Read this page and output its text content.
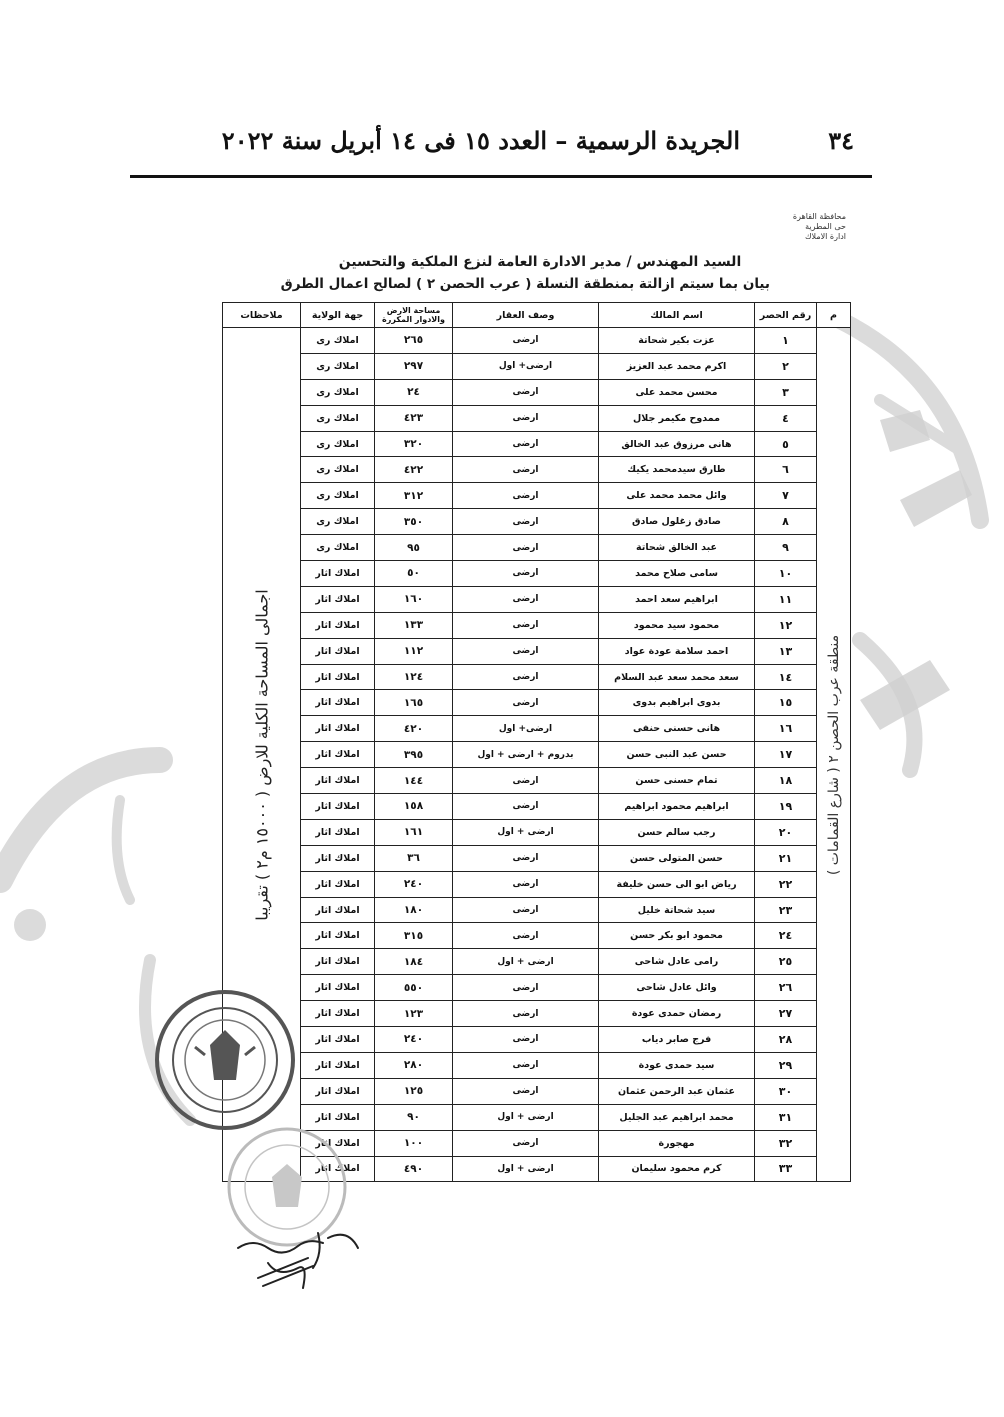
٣٤
الجريدة الرسمية – العدد ١٥ فى ١٤ أبريل سنة ٢٠٢٢
محافظة القاهرة
حى المطرية
ادارة الاملاك
السيد المهندس / مدير الادارة العامة لنزع الملكية والتحسين
بيان بما سيتم ازالتة بمنطقة النسلة ( عرب الحصن ٢ ) لصالح اعمال الطرق
م	رقم الحصر	اسم المالك	وصف العقار	مساحة الارض والادوار المكررة	جهة الولاية	ملاحظات

منطقة عرب الحصن ٢ ( شارع القمامات )	١	عزت بكير شحاتة	ارضى	٢٦٥	املاك رى	اجمالى المساحة الكلية للارض ( ١٥٠٠٠ م٢ ) تقريبا

	٢	اكرم محمد عبد العزيز	ارضى+ اول	٢٩٧	املاك رى	
	٣	محسن محمد على	ارضى	٢٤	املاك رى	
	٤	ممدوح مكيمر جلال	ارضى	٤٢٣	املاك رى	
	٥	هانى مرزوق عبد الخالق	ارضى	٣٢٠	املاك رى	
	٦	طارق سيدمحمد يكيك	ارضى	٤٢٢	املاك رى	
	٧	وائل محمد محمد على	ارضى	٣١٢	املاك رى	
	٨	صادق زغلول صادق	ارضى	٣٥٠	املاك رى	
	٩	عبد الخالق شحاتة	ارضى	٩٥	املاك رى	
	١٠	سامى صلاح محمد	ارضى	٥٠	املاك اثار	
	١١	ابراهيم سعد احمد	ارضى	١٦٠	املاك اثار	
	١٢	محمود سيد محمود	ارضى	١٣٣	املاك اثار	
	١٣	احمد سلامة عودة عواد	ارضى	١١٢	املاك اثار	
	١٤	سعد محمد سعد عبد السلام	ارضى	١٢٤	املاك اثار	
	١٥	بدوى ابراهيم بدوى	ارضى	١٦٥	املاك اثار	
	١٦	هانى حسنى حنفى	ارضى+ اول	٤٢٠	املاك اثار	
	١٧	حسن عبد النبى حسن	بدروم + ارضى + اول	٣٩٥	املاك اثار	
	١٨	تمام حسنى حسن	ارضى	١٤٤	املاك اثار	
	١٩	ابراهيم محمود ابراهيم	ارضى	١٥٨	املاك اثار	
	٢٠	رجب سالم حسن	ارضى + اول	١٦١	املاك اثار	
	٢١	حسن المتولى حسن	ارضى	٣٦	املاك اثار	
	٢٢	رياض ابو الى حسن خليفة	ارضى	٢٤٠	املاك اثار	
	٢٣	سيد شحاتة خليل	ارضى	١٨٠	املاك اثار	
	٢٤	محمود ابو بكر حسن	ارضى	٣١٥	املاك اثار	
	٢٥	رامى عادل شاحى	ارضى + اول	١٨٤	املاك اثار	
	٢٦	وائل عادل شاحى	ارضى	٥٥٠	املاك اثار	
	٢٧	رمضان حمدى عودة	ارضى	١٢٣	املاك اثار	
	٢٨	فرج صابر دياب	ارضى	٢٤٠	املاك اثار	
	٢٩	سيد حمدى عودة	ارضى	٢٨٠	املاك اثار	
	٣٠	عثمان عبد الرحمن عثمان	ارضى	١٢٥	املاك اثار	
	٣١	محمد ابراهيم عبد الجليل	ارضى + اول	٩٠	املاك اثار	
	٣٢	مهجورة	ارضى	١٠٠	املاك اثار	
	٣٣	كرم محمود سليمان	ارضى + اول	٤٩٠	املاك اثار	
